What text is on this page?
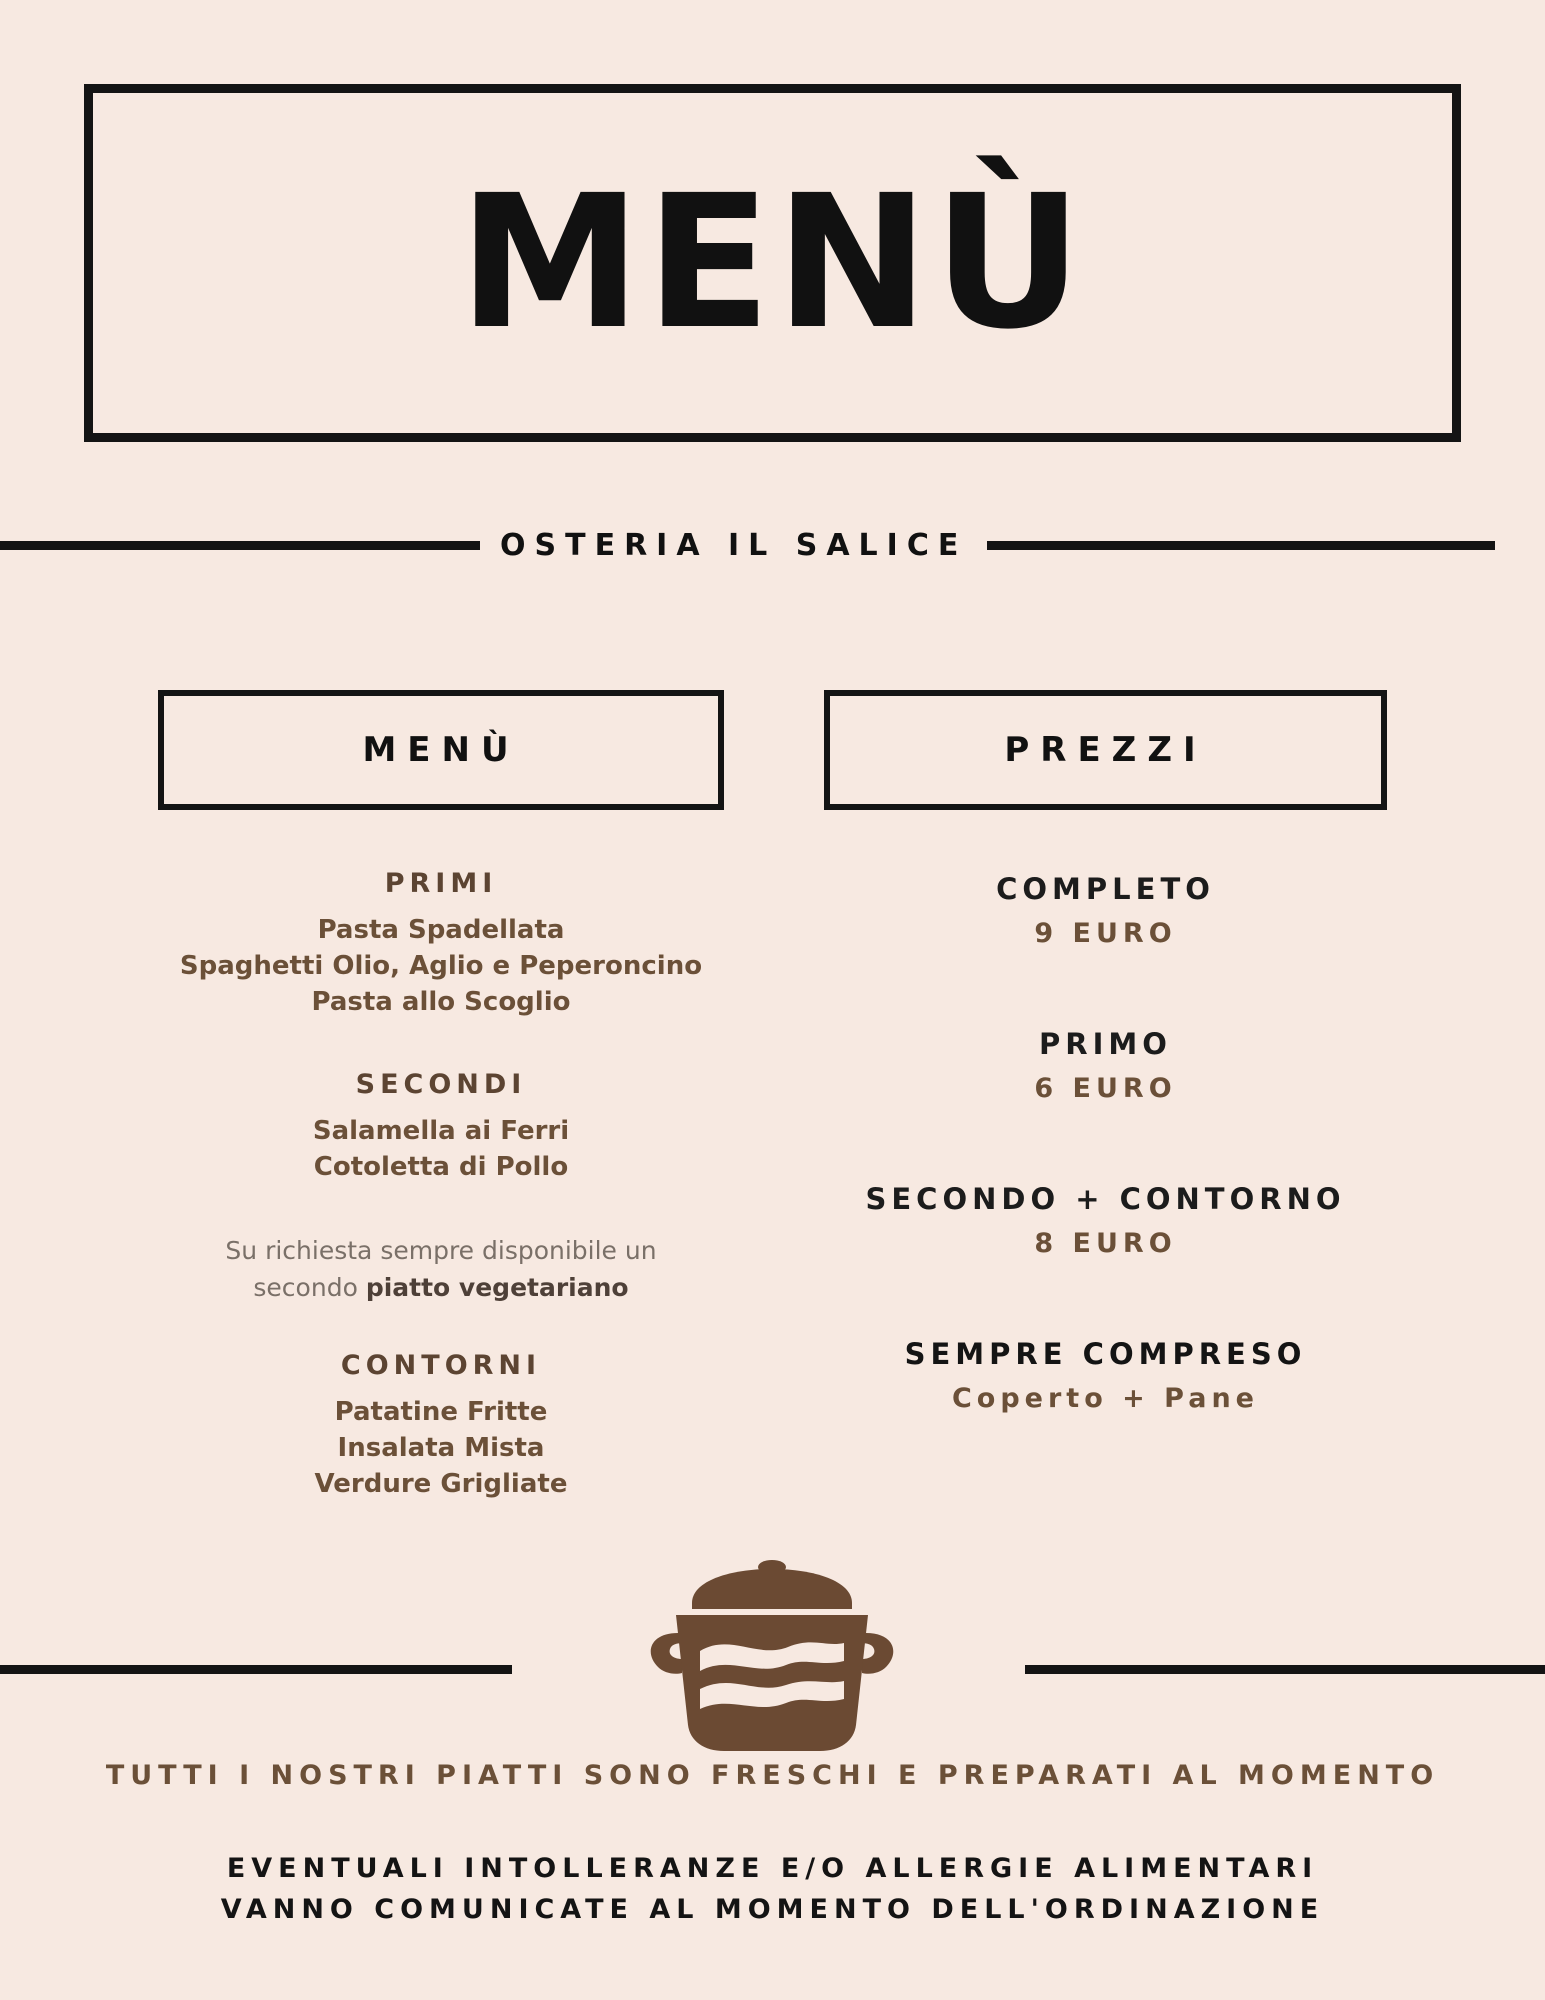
MENÙ
OSTERIA IL SALICE
MENÙ
PRIMI
Pasta Spadellata
Spaghetti Olio, Aglio e Peperoncino
Pasta allo Scoglio
SECONDI
Salamella ai Ferri
Cotoletta di Pollo
Su richiesta sempre disponibile un secondo piatto vegetariano
CONTORNI
Patatine Fritte
Insalata Mista
Verdure Grigliate
PREZZI
COMPLETO
9 EURO
PRIMO
6 EURO
SECONDO + CONTORNO
8 EURO
SEMPRE COMPRESO
Coperto + Pane
TUTTI I NOSTRI PIATTI SONO FRESCHI E PREPARATI AL MOMENTO
EVENTUALI INTOLLERANZE E/O ALLERGIE ALIMENTARI
VANNO COMUNICATE AL MOMENTO DELL'ORDINAZIONE
